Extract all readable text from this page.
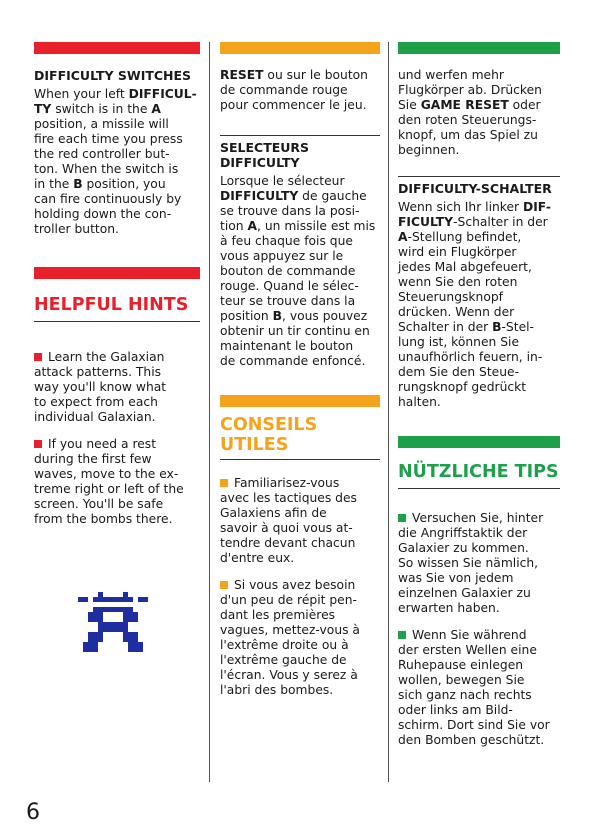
DIFFICULTY SWITCHES

When your left DIFFICUL-
TY switch is in the A
position, a missile will
fire each time you press
the red controller but-
ton. When the switch is
in the B position, you
can fire continuously by
holding down the con-
troller button.

HELPFUL HINTS

Learn the Galaxian
attack patterns. This
way you'll know what
to expect from each
individual Galaxian.

If you need a rest
during the first few
waves, move to the ex-
treme right or left of the
screen. You'll be safe
from the bombs there.

RESET ou sur le bouton
de commande rouge
pour commencer le jeu.

SELECTEURS DIFFICULTY

Lorsque le sélecteur
DIFFICULTY de gauche
se trouve dans la posi-
tion A, un missile est mis
à feu chaque fois que
vous appuyez sur le
bouton de commande
rouge. Quand le sélec-
teur se trouve dans la
position B, vous pouvez
obtenir un tir continu en
maintenant le bouton
de commande enfoncé.

CONSEILS
UTILES

Familiarisez-vous
avec les tactiques des
Galaxiens afin de
savoir à quoi vous at-
tendre devant chacun
d'entre eux.

Si vous avez besoin
d'un peu de répit pen-
dant les premières
vagues, mettez-vous à
l'extrême droite ou à
l'extrême gauche de
l'écran. Vous y serez à
l'abri des bombes.

und werfen mehr
Flugkörper ab. Drücken
Sie GAME RESET oder
den roten Steuerungs-
knopf, um das Spiel zu
beginnen.

DIFFICULTY-SCHALTER

Wenn sich Ihr linker DIF-
FICULTY-Schalter in der
A-Stellung befindet,
wird ein Flugkörper
jedes Mal abgefeuert,
wenn Sie den roten
Steuerungsknopf
drücken. Wenn der
Schalter in der B-Stel-
lung ist, können Sie
unaufhörlich feuern, in-
dem Sie den Steue-
rungsknopf gedrückt
halten.

NÜTZLICHE TIPS

Versuchen Sie, hinter
die Angriffstaktik der
Galaxier zu kommen.
So wissen Sie nämlich,
was Sie von jedem
einzelnen Galaxier zu
erwarten haben.

Wenn Sie während
der ersten Wellen eine
Ruhepause einlegen
wollen, bewegen Sie
sich ganz nach rechts
oder links am Bild-
schirm. Dort sind Sie vor
den Bomben geschützt.

6
